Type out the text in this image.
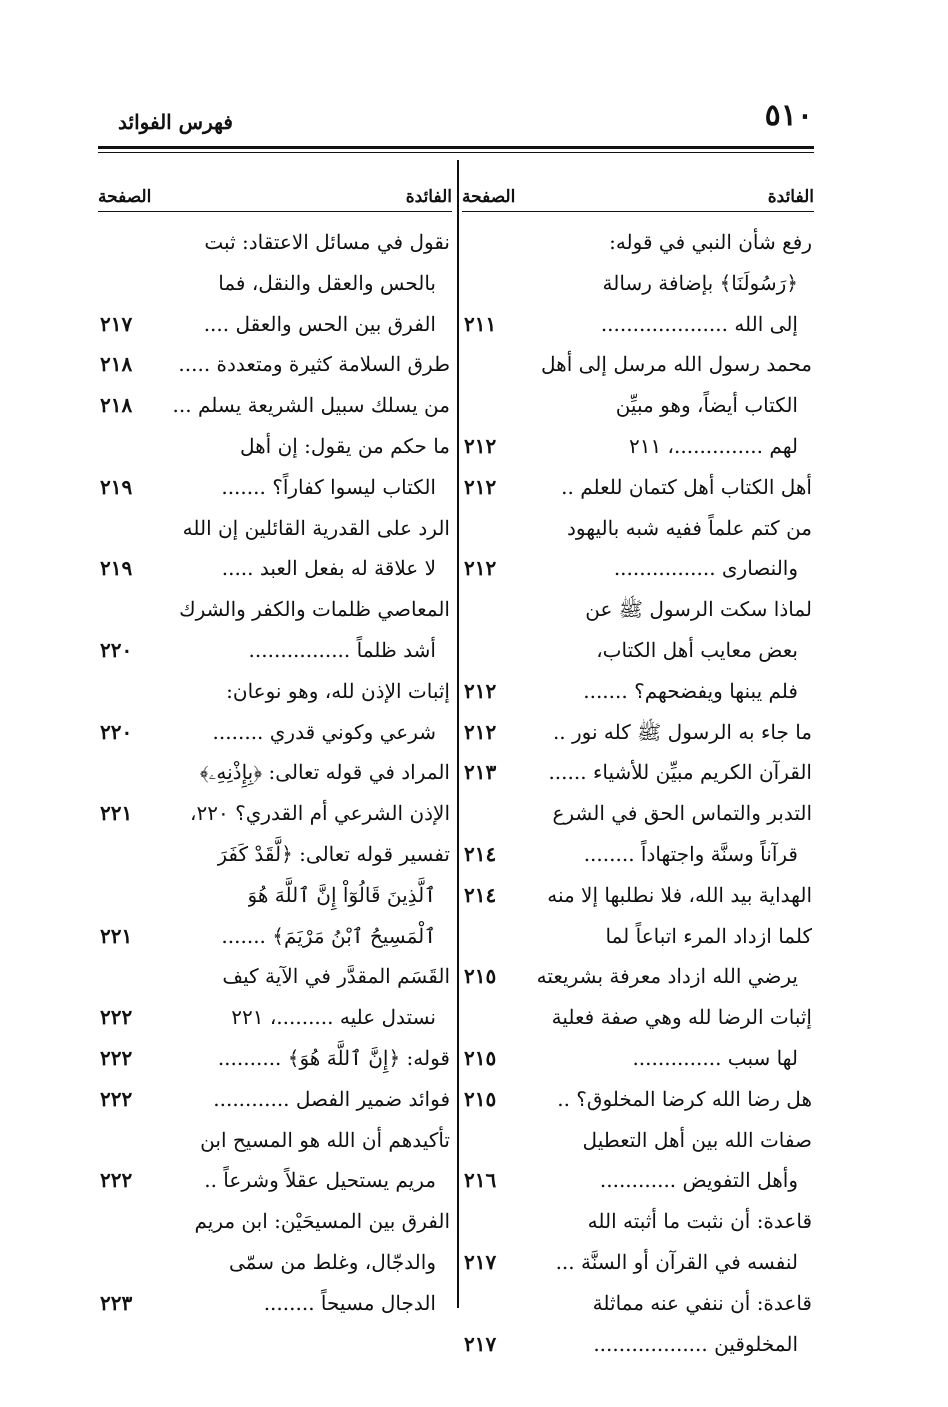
٥١٠
فهرس الفوائد
الفائدة
الصفحة
الفائدة
الصفحة
رفع شأن النبي في قوله:
﴿رَسُولَنَا﴾ بإضافة رسالة
إلى الله ....................
٢١١
محمد رسول الله مرسل إلى أهل
الكتاب أيضاً، وهو مبيِّن
لهم ..............، ٢١١
٢١٢
أهل الكتاب أهل كتمان للعلم ..
٢١٢
من كتم علماً ففيه شبه باليهود
والنصارى ................
٢١٢
لماذا سكت الرسول ﷺ عن
بعض معايب أهل الكتاب،
فلم يبنها ويفضحهم؟ .......
٢١٢
ما جاء به الرسول ﷺ كله نور ..
٢١٢
القرآن الكريم مبيِّن للأشياء ......
٢١٣
التدبر والتماس الحق في الشرع
قرآناً وسنَّة واجتهاداً ........
٢١٤
الهداية بيد الله، فلا نطلبها إلا منه
٢١٤
كلما ازداد المرء اتباعاً لما
يرضي الله ازداد معرفة بشريعته
٢١٥
إثبات الرضا لله وهي صفة فعلية
لها سبب ..............
٢١٥
هل رضا الله كرضا المخلوق؟ ..
٢١٥
صفات الله بين أهل التعطيل
وأهل التفويض ............
٢١٦
قاعدة: أن نثبت ما أثبته الله
لنفسه في القرآن أو السنَّة ...
٢١٧
قاعدة: أن ننفي عنه مماثلة
المخلوقين ..................
٢١٧
نقول في مسائل الاعتقاد: ثبت
بالحس والعقل والنقل، فما
الفرق بين الحس والعقل ....
٢١٧
طرق السلامة كثيرة ومتعددة .....
٢١٨
من يسلك سبيل الشريعة يسلم ...
٢١٨
ما حكم من يقول: إن أهل
الكتاب ليسوا كفاراً؟ .......
٢١٩
الرد على القدرية القائلين إن الله
لا علاقة له بفعل العبد .....
٢١٩
المعاصي ظلمات والكفر والشرك
أشد ظلماً ................
٢٢٠
إثبات الإذن لله، وهو نوعان:
شرعي وكوني قدري ........
٢٢٠
المراد في قوله تعالى: ﴿بِإِذْنِهِۦ﴾
الإذن الشرعي أم القدري؟ ٢٢٠،
٢٢١
تفسير قوله تعالى: ﴿لَّقَدْ كَفَرَ
ٱلَّذِينَ قَالُوٓاْ إِنَّ ٱللَّهَ هُوَ
ٱلْمَسِيحُ ٱبْنُ مَرْيَمَ﴾ .......
٢٢١
القَسَم المقدَّر في الآية كيف
نستدل عليه .........، ٢٢١
٢٢٢
قوله: ﴿إِنَّ ٱللَّهَ هُوَ﴾ ..........
٢٢٢
فوائد ضمير الفصل ............
٢٢٢
تأكيدهم أن الله هو المسيح ابن
مريم يستحيل عقلاً وشرعاً ..
٢٢٢
الفرق بين المسيحَيْن: ابن مريم
والدجّال، وغلط من سمّى
الدجال مسيحاً ........
٢٢٣
